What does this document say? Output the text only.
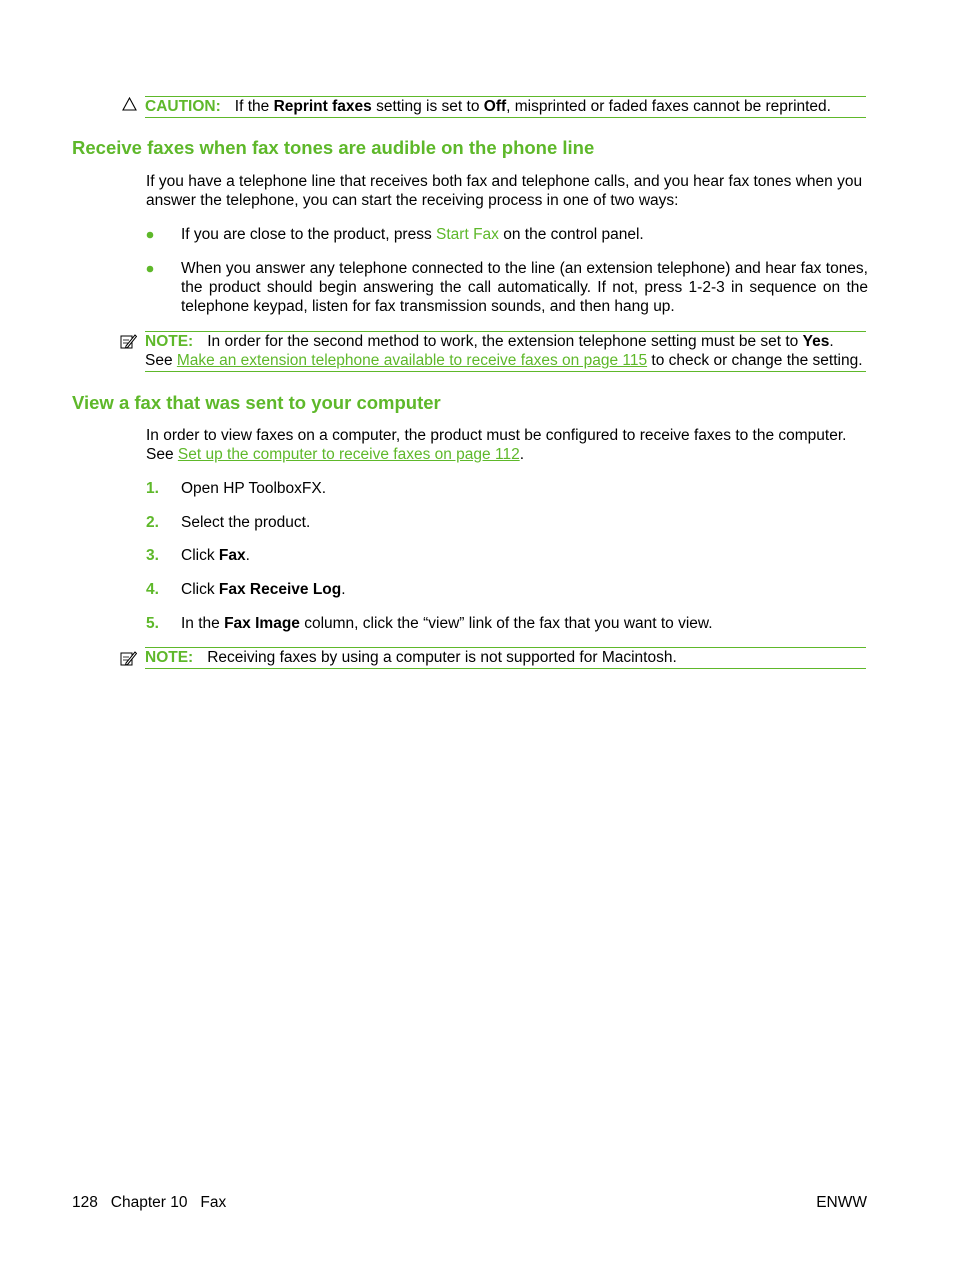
CAUTION: If the Reprint faxes setting is set to Off, misprinted or faded faxes cannot be reprinted.
Receive faxes when fax tones are audible on the phone line

If you have a telephone line that receives both fax and telephone calls, and you hear fax tones when you answer the telephone, you can start the receiving process in one of two ways:

If you are close to the product, press Start Fax on the control panel.
When you answer any telephone connected to the line (an extension telephone) and hear fax tones, the product should begin answering the call automatically. If not, press 1-2-3 in sequence on the telephone keypad, listen for fax transmission sounds, and then hang up.
NOTE: In order for the second method to work, the extension telephone setting must be set to Yes.
See Make an extension telephone available to receive faxes on page 115 to check or change the setting.
View a fax that was sent to your computer
In order to view faxes on a computer, the product must be configured to receive faxes to the computer.
See Set up the computer to receive faxes on page 112.
1. Open HP ToolboxFX.
2. Select the product.
3. Click Fax.
4. Click Fax Receive Log.
5. In the Fax Image column, click the “view” link of the fax that you want to view.
NOTE: Receiving faxes by using a computer is not supported for Macintosh.
128   Chapter 10   Fax	ENWW
